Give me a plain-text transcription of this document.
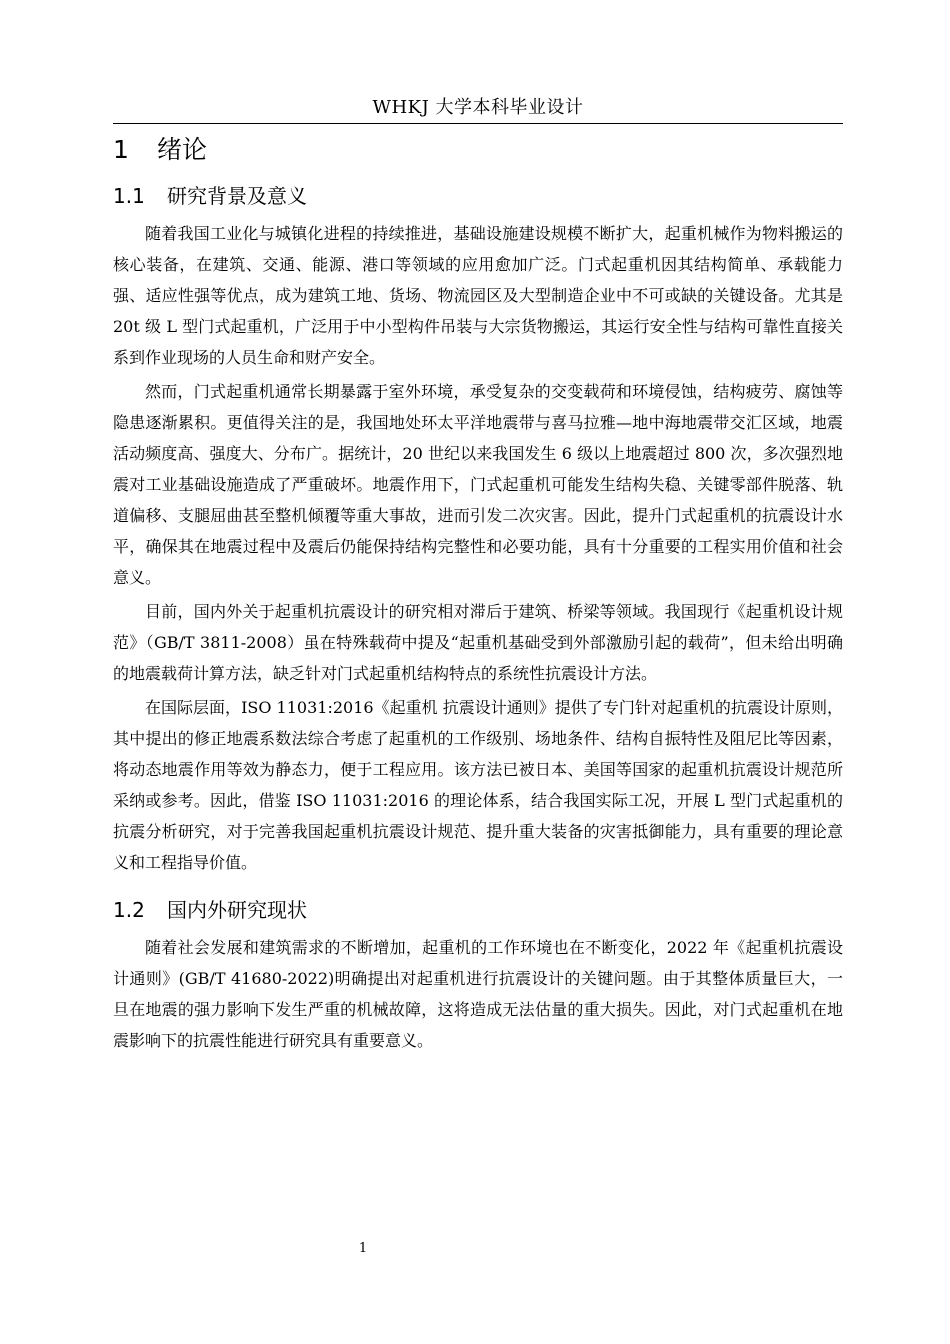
WHKJ 大学本科毕业设计
1 绪论
1.1 研究背景及意义

随着我国工业化与城镇化进程的持续推进，基础设施建设规模不断扩大，起重机械作为物料搬运的核心装备，在建筑、交通、能源、港口等领域的应用愈加广泛。门式起重机因其结构简单、承载能力强、适应性强等优点，成为建筑工地、货场、物流园区及大型制造企业中不可或缺的关键设备。尤其是 20t 级 L 型门式起重机，广泛用于中小型构件吊装与大宗货物搬运，其运行安全性与结构可靠性直接关系到作业现场的人员生命和财产安全。

然而，门式起重机通常长期暴露于室外环境，承受复杂的交变载荷和环境侵蚀，结构疲劳、腐蚀等隐患逐渐累积。更值得关注的是，我国地处环太平洋地震带与喜马拉雅—地中海地震带交汇区域，地震活动频度高、强度大、分布广。据统计，20 世纪以来我国发生 6 级以上地震超过 800 次，多次强烈地震对工业基础设施造成了严重破坏。地震作用下，门式起重机可能发生结构失稳、关键零部件脱落、轨道偏移、支腿屈曲甚至整机倾覆等重大事故，进而引发二次灾害。因此，提升门式起重机的抗震设计水平，确保其在地震过程中及震后仍能保持结构完整性和必要功能，具有十分重要的工程实用价值和社会意义。

目前，国内外关于起重机抗震设计的研究相对滞后于建筑、桥梁等领域。我国现行《起重机设计规范》（GB/T 3811-2008）虽在特殊载荷中提及“起重机基础受到外部激励引起的载荷”，但未给出明确的地震载荷计算方法，缺乏针对门式起重机结构特点的系统性抗震设计方法。

在国际层面，ISO 11031:2016《起重机 抗震设计通则》提供了专门针对起重机的抗震设计原则，其中提出的修正地震系数法综合考虑了起重机的工作级别、场地条件、结构自振特性及阻尼比等因素，将动态地震作用等效为静态力，便于工程应用。该方法已被日本、美国等国家的起重机抗震设计规范所采纳或参考。因此，借鉴 ISO 11031:2016 的理论体系，结合我国实际工况，开展 L 型门式起重机的抗震分析研究，对于完善我国起重机抗震设计规范、提升重大装备的灾害抵御能力，具有重要的理论意义和工程指导价值。

1.2 国内外研究现状

随着社会发展和建筑需求的不断增加，起重机的工作环境也在不断变化，2022 年《起重机抗震设计通则》(GB/T 41680-2022)明确提出对起重机进行抗震设计的关键问题。由于其整体质量巨大，一旦在地震的强力影响下发生严重的机械故障，这将造成无法估量的重大损失。因此，对门式起重机在地震影响下的抗震性能进行研究具有重要意义。

1
